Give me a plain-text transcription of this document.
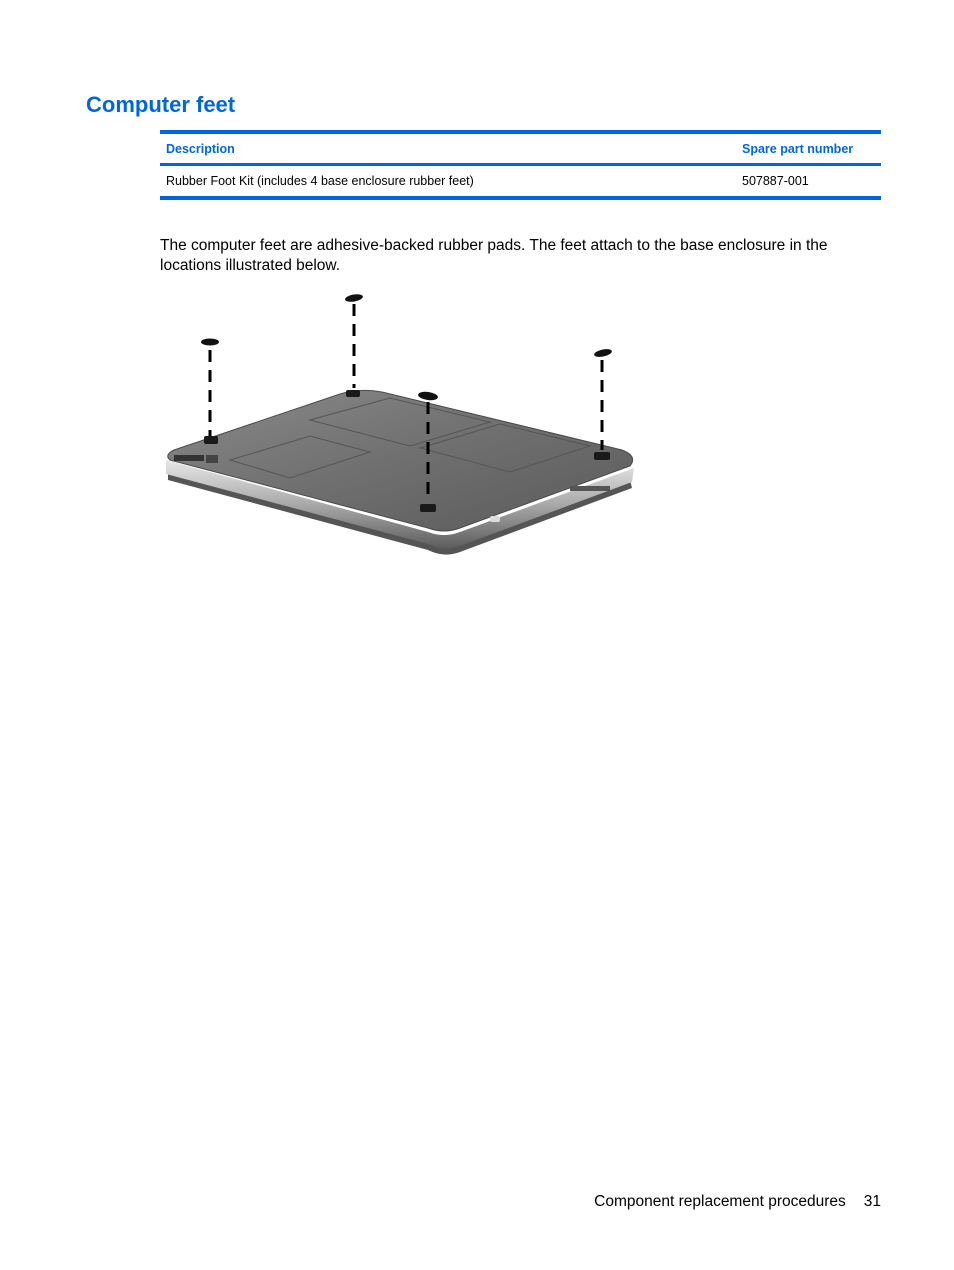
Computer feet
Description	Spare part number
Rubber Foot Kit (includes 4 base enclosure rubber feet)	507887-001

The computer feet are adhesive-backed rubber pads. The feet attach to the base enclosure in the locations illustrated below.

Component replacement procedures 31
